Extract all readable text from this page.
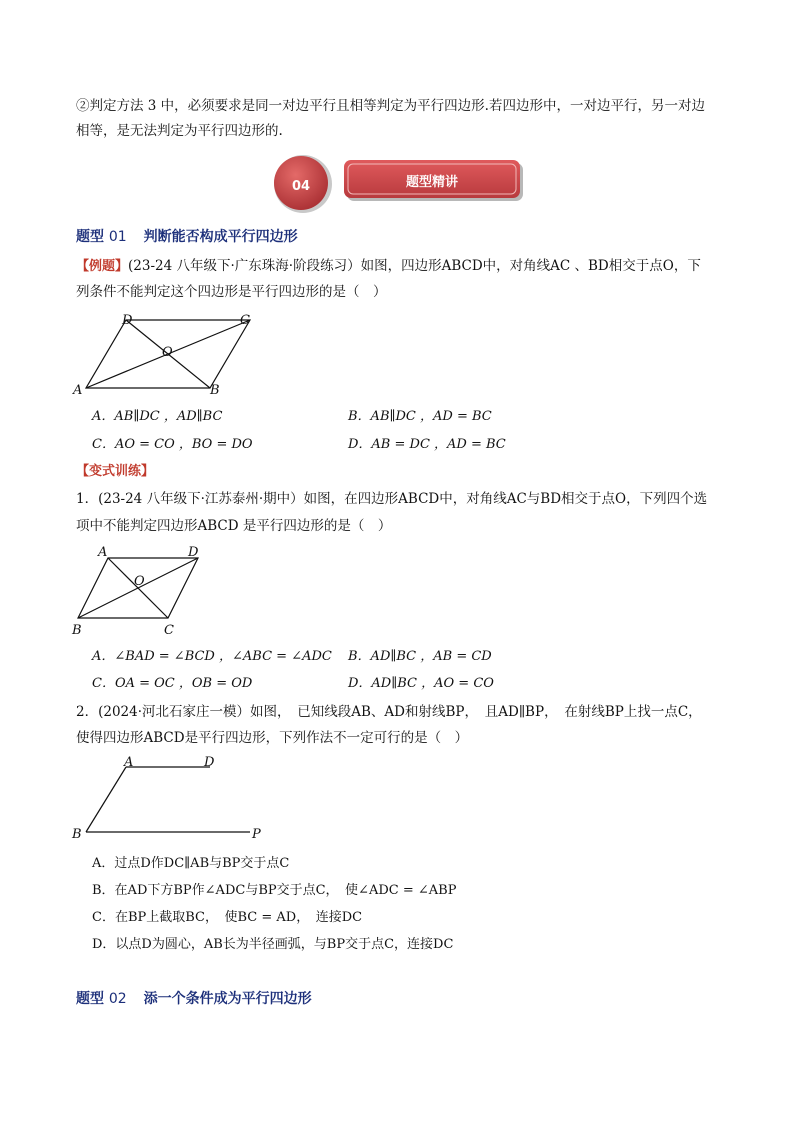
②判定方法 3 中，必须要求是同一对边平行且相等判定为平行四边形.若四边形中，一对边平行，另一对边
相等，是无法判定为平行四边形的.
04	题型精讲
题型 01 判断能否构成平行四边形
【例题】(23-24 八年级下·广东珠海·阶段练习）如图，四边形ABCD中，对角线AC 、BD相交于点O，下
列条件不能判定这个四边形是平行四边形的是（　）
D	C
O
A	B
A．AB∥DC ，AD∥BC	B．AB∥DC ，AD = BC
C．AO = CO ，BO = DO	D．AB = DC ，AD = BC
【变式训练】
1．(23-24 八年级下·江苏泰州·期中）如图，在四边形ABCD中，对角线AC与BD相交于点O，下列四个选
项中不能判定四边形ABCD 是平行四边形的是（　）
A	D
O
B	C
A．∠BAD = ∠BCD ，∠ABC = ∠ADC B．AD∥BC ，AB = CD
C．OA = OC ，OB = OD	D．AD∥BC ，AO = CO
2．(2024·河北石家庄一模）如图，　已知线段AB、AD和射线BP，　且AD∥BP，　在射线BP上找一点C，
使得四边形ABCD是平行四边形，下列作法不一定可行的是（　）
A	D
B	P
A．过点D作DC∥AB与BP交于点C
B．在AD下方BP作∠ADC与BP交于点C，　使∠ADC = ∠ABP
C．在BP上截取BC，　使BC = AD，　连接DC
D．以点D为圆心，AB长为半径画弧，与BP交于点C，连接DC
题型 02 添一个条件成为平行四边形
